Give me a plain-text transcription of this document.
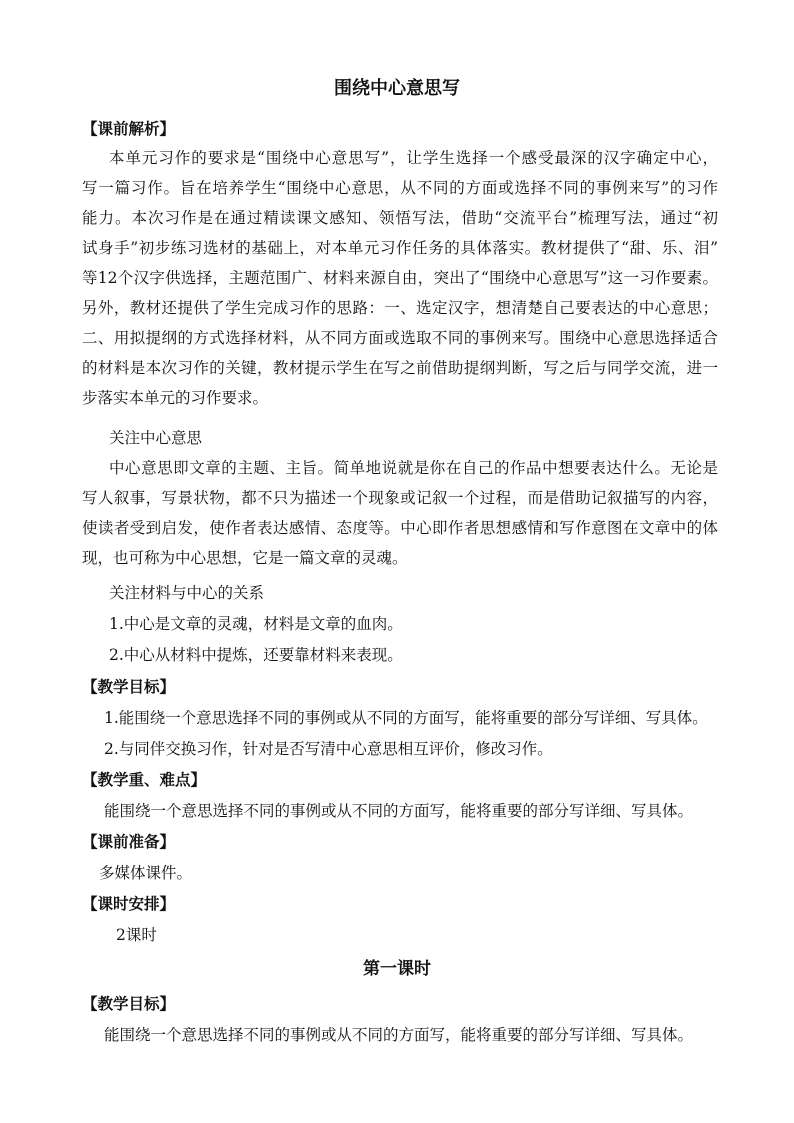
围绕中心意思写
【课前解析】
本单元习作的要求是“围绕中心意思写”，让学生选择一个感受最深的汉字确定中心，
写一篇习作。旨在培养学生“围绕中心意思，从不同的方面或选择不同的事例来写”的习作
能力。本次习作是在通过精读课文感知、领悟写法，借助“交流平台”梳理写法，通过“初
试身手”初步练习选材的基础上，对本单元习作任务的具体落实。教材提供了“甜、乐、泪”
等12个汉字供选择，主题范围广、材料来源自由，突出了“围绕中心意思写”这一习作要素。
另外，教材还提供了学生完成习作的思路：一、选定汉字，想清楚自己要表达的中心意思；
二、用拟提纲的方式选择材料，从不同方面或选取不同的事例来写。围绕中心意思选择适合
的材料是本次习作的关键，教材提示学生在写之前借助提纲判断，写之后与同学交流，进一
步落实本单元的习作要求。
关注中心意思
中心意思即文章的主题、主旨。简单地说就是你在自己的作品中想要表达什么。无论是
写人叙事，写景状物，都不只为描述一个现象或记叙一个过程，而是借助记叙描写的内容，
使读者受到启发，使作者表达感情、态度等。中心即作者思想感情和写作意图在文章中的体
现，也可称为中心思想，它是一篇文章的灵魂。
关注材料与中心的关系
1.中心是文章的灵魂，材料是文章的血肉。
2.中心从材料中提炼，还要靠材料来表现。
【教学目标】
1.能围绕一个意思选择不同的事例或从不同的方面写，能将重要的部分写详细、写具体。
2.与同伴交换习作，针对是否写清中心意思相互评价，修改习作。
【教学重、难点】
能围绕一个意思选择不同的事例或从不同的方面写，能将重要的部分写详细、写具体。
【课前准备】
多媒体课件。
【课时安排】
2课时
第一课时
【教学目标】
能围绕一个意思选择不同的事例或从不同的方面写，能将重要的部分写详细、写具体。
